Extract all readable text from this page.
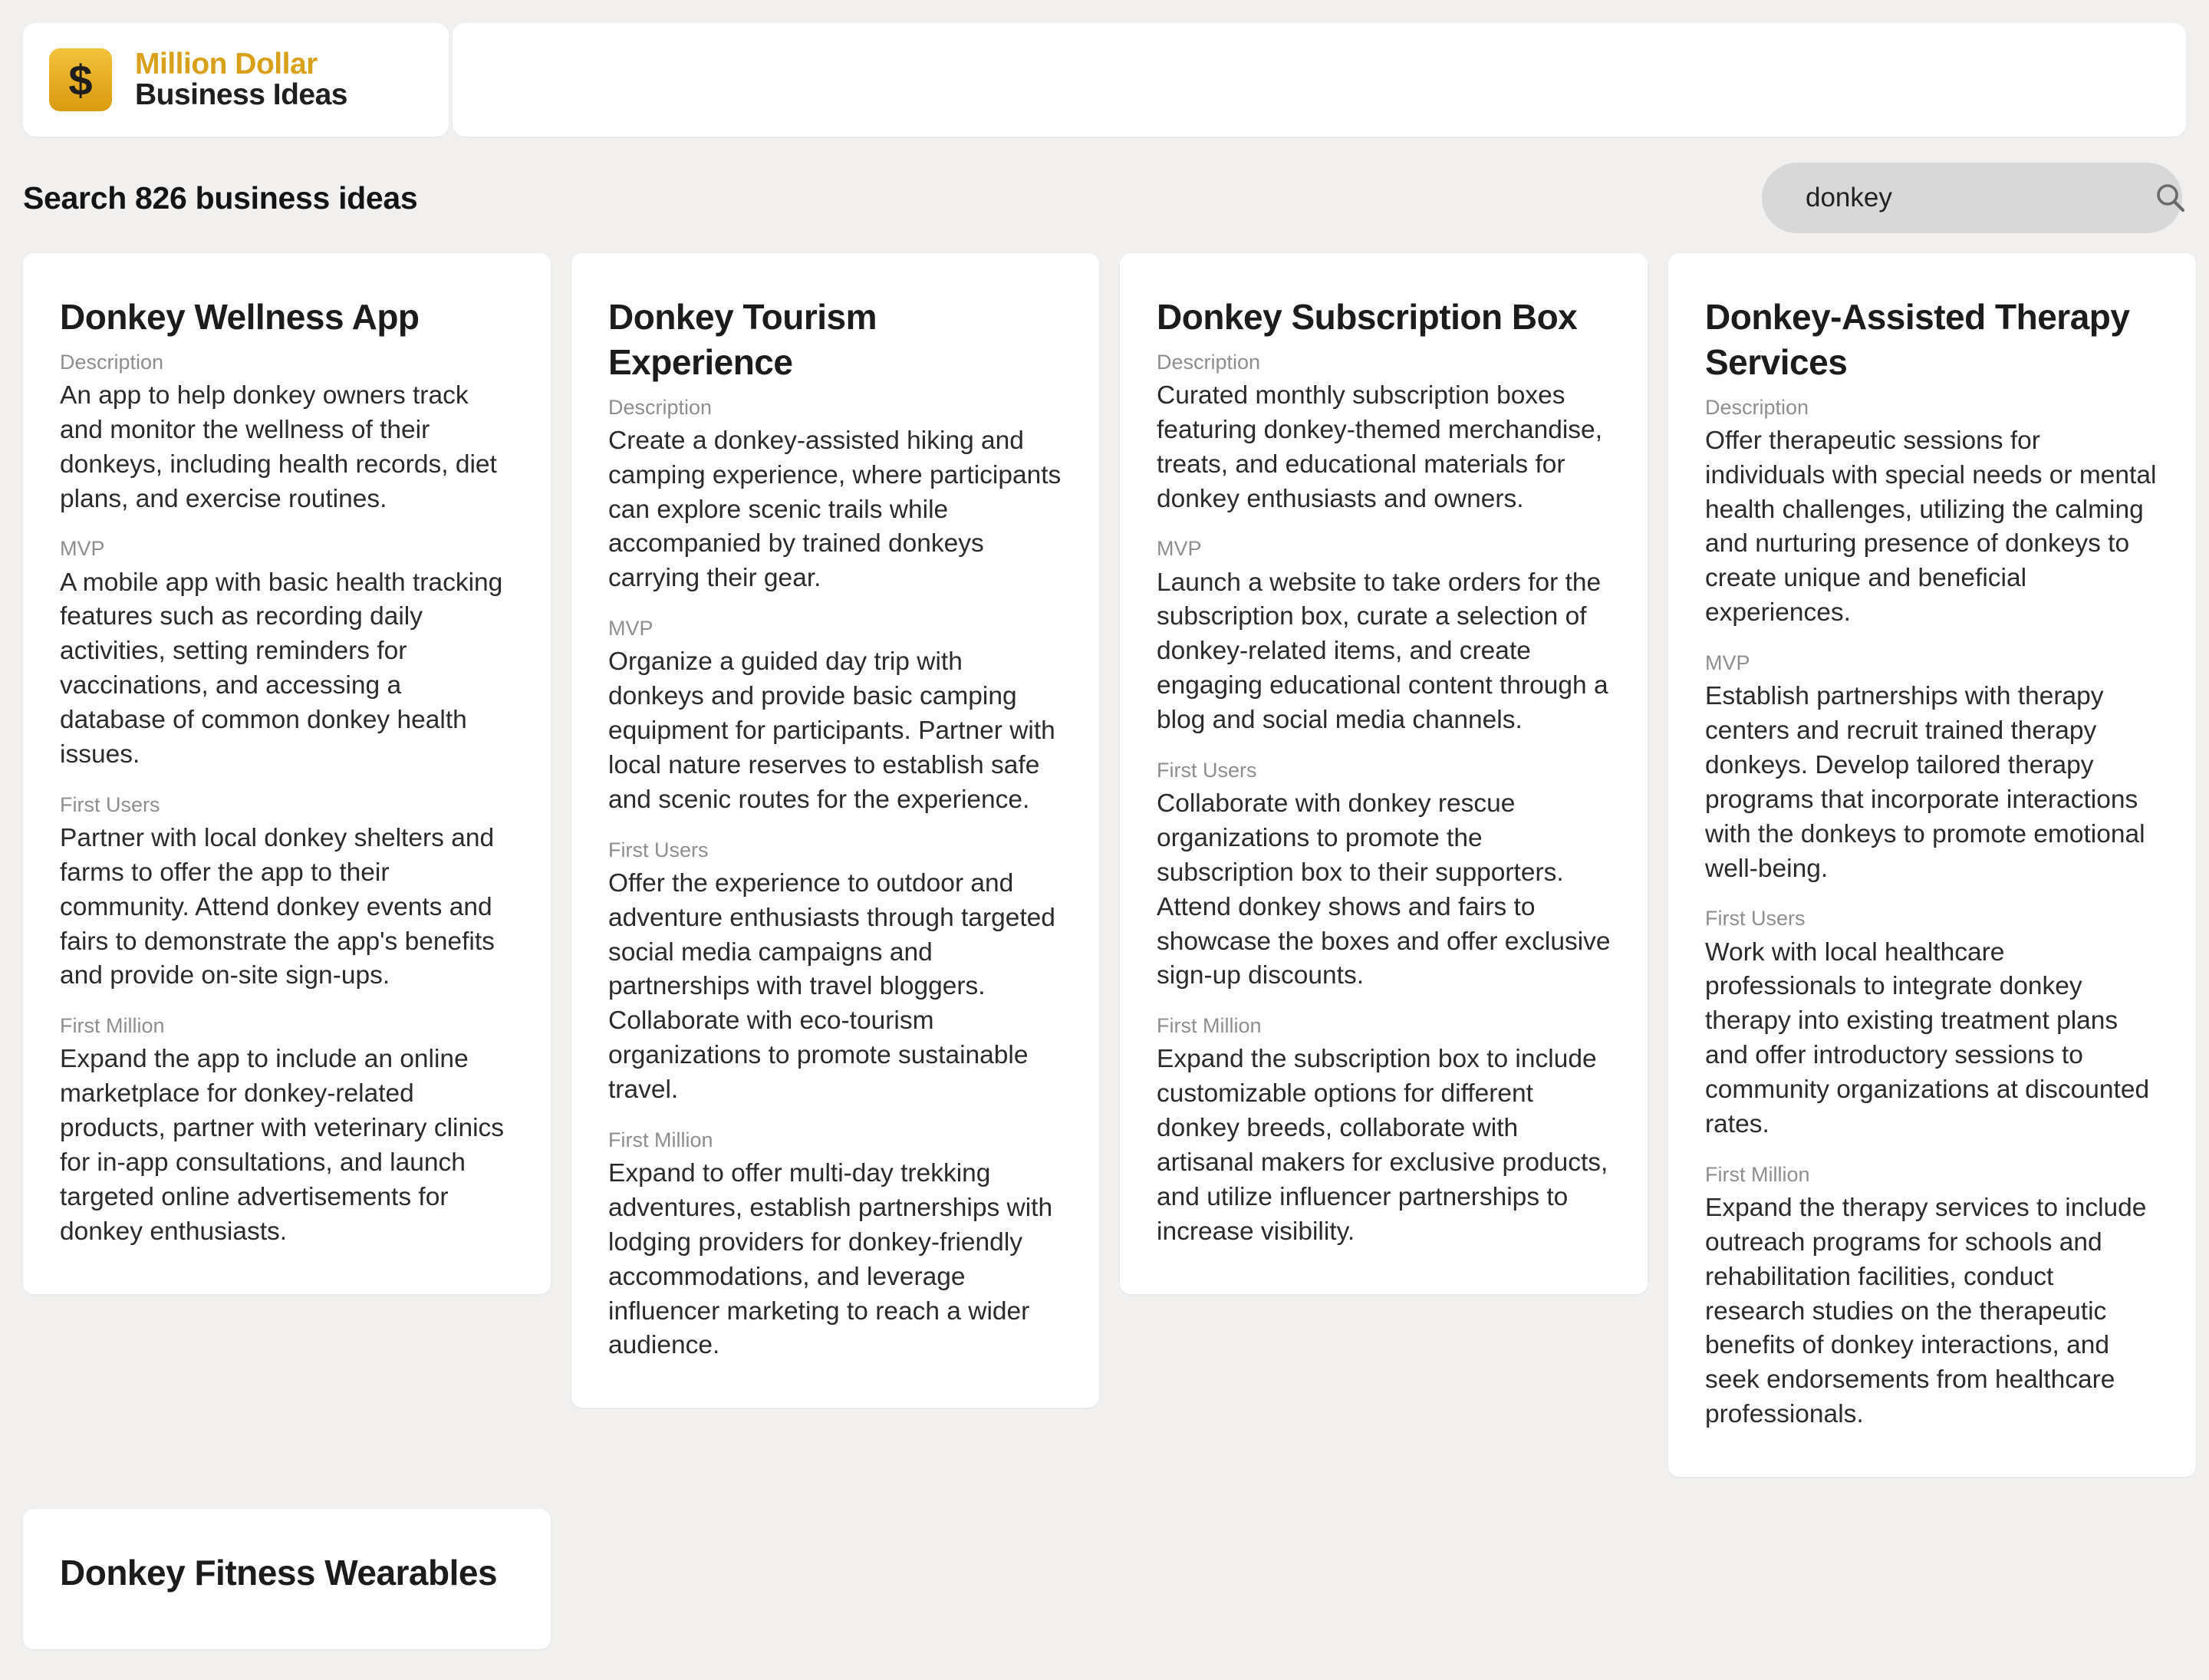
$ Million Dollar
Business Ideas
Search 826 business ideas
donkey
Donkey Wellness App
Description
An app to help donkey owners track and monitor the wellness of their donkeys, including health records, diet plans, and exercise routines.
MVP
A mobile app with basic health tracking features such as recording daily activities, setting reminders for vaccinations, and accessing a database of common donkey health issues.
First Users
Partner with local donkey shelters and farms to offer the app to their community. Attend donkey events and fairs to demonstrate the app's benefits and provide on-site sign-ups.
First Million
Expand the app to include an online marketplace for donkey-related products, partner with veterinary clinics for in-app consultations, and launch targeted online advertisements for donkey enthusiasts.
Donkey Tourism Experience
Description
Create a donkey-assisted hiking and camping experience, where participants can explore scenic trails while accompanied by trained donkeys carrying their gear.
MVP
Organize a guided day trip with donkeys and provide basic camping equipment for participants. Partner with local nature reserves to establish safe and scenic routes for the experience.
First Users
Offer the experience to outdoor and adventure enthusiasts through targeted social media campaigns and partnerships with travel bloggers. Collaborate with eco-tourism organizations to promote sustainable travel.
First Million
Expand to offer multi-day trekking adventures, establish partnerships with lodging providers for donkey-friendly accommodations, and leverage influencer marketing to reach a wider audience.
Donkey Subscription Box
Description
Curated monthly subscription boxes featuring donkey-themed merchandise, treats, and educational materials for donkey enthusiasts and owners.
MVP
Launch a website to take orders for the subscription box, curate a selection of donkey-related items, and create engaging educational content through a blog and social media channels.
First Users
Collaborate with donkey rescue organizations to promote the subscription box to their supporters. Attend donkey shows and fairs to showcase the boxes and offer exclusive sign-up discounts.
First Million
Expand the subscription box to include customizable options for different donkey breeds, collaborate with artisanal makers for exclusive products, and utilize influencer partnerships to increase visibility.
Donkey-Assisted Therapy Services
Description
Offer therapeutic sessions for individuals with special needs or mental health challenges, utilizing the calming and nurturing presence of donkeys to create unique and beneficial experiences.
MVP
Establish partnerships with therapy centers and recruit trained therapy donkeys. Develop tailored therapy programs that incorporate interactions with the donkeys to promote emotional well-being.
First Users
Work with local healthcare professionals to integrate donkey therapy into existing treatment plans and offer introductory sessions to community organizations at discounted rates.
First Million
Expand the therapy services to include outreach programs for schools and rehabilitation facilities, conduct research studies on the therapeutic benefits of donkey interactions, and seek endorsements from healthcare professionals.
Donkey Fitness Wearables
